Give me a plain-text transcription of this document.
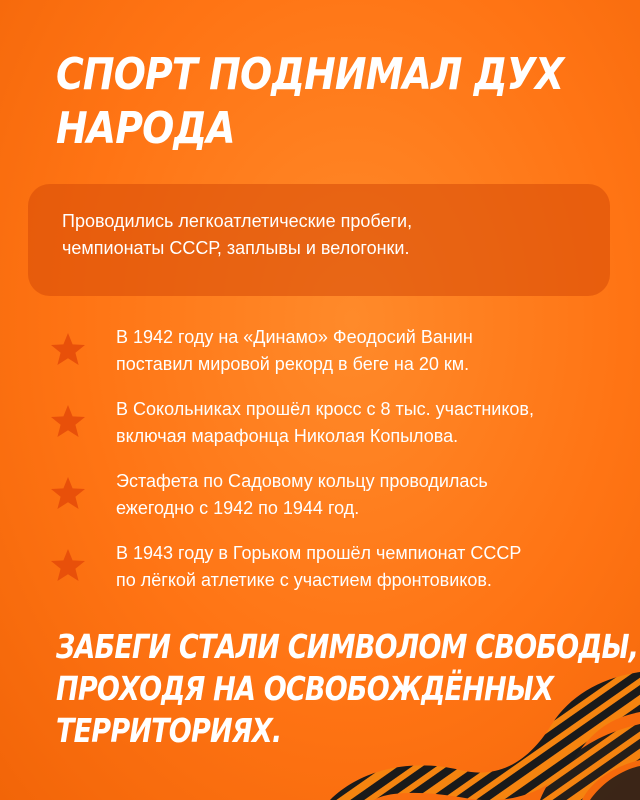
СПОРТ ПОДНИМАЛ ДУХ
НАРОДА
Проводились легкоатлетические пробеги,
чемпионаты СССР, заплывы и велогонки.
В 1942 году на «Динамо» Феодосий Ванин
поставил мировой рекорд в беге на 20 км.
В Сокольниках прошёл кросс с 8 тыс. участников,
включая марафонца Николая Копылова.
Эстафета по Садовому кольцу проводилась
ежегодно с 1942 по 1944 год.
В 1943 году в Горьком прошёл чемпионат СССР
по лёгкой атлетике с участием фронтовиков.
ЗАБЕГИ СТАЛИ СИМВОЛОМ СВОБОДЫ,
ПРОХОДЯ НА ОСВОБОЖДЁННЫХ
ТЕРРИТОРИЯХ.
